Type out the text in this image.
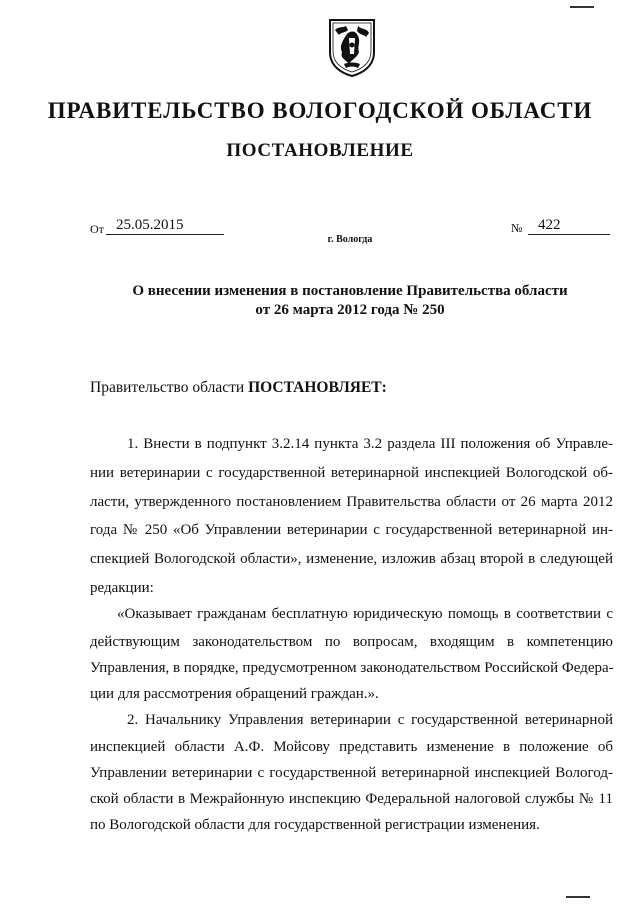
ПРАВИТЕЛЬСТВО ВОЛОГОДСКОЙ ОБЛАСТИ
ПОСТАНОВЛЕНИЕ
От 25.05.2015	№ 422
г. Вологда
О внесении изменения в постановление Правительства области
от 26 марта 2012 года № 250
Правительство области ПОСТАНОВЛЯЕТ:
1. Внести в подпункт 3.2.14 пункта 3.2 раздела III положения об Управле-
нии ветеринарии с государственной ветеринарной инспекцией Вологодской об-
ласти, утвержденного постановлением Правительства области от 26 марта 2012
года № 250 «Об Управлении ветеринарии с государственной ветеринарной ин-
спекцией Вологодской области», изменение, изложив абзац второй в следующей
редакции:
«Оказывает гражданам бесплатную юридическую помощь в соответствии с
действующим законодательством по вопросам, входящим в компетенцию
Управления, в порядке, предусмотренном законодательством Российской Федера-
ции для рассмотрения обращений граждан.».
2. Начальнику Управления ветеринарии с государственной ветеринарной
инспекцией области А.Ф. Мойсову представить изменение в положение об
Управлении ветеринарии с государственной ветеринарной инспекцией Вологод-
ской области в Межрайонную инспекцию Федеральной налоговой службы № 11
по Вологодской области для государственной регистрации изменения.
